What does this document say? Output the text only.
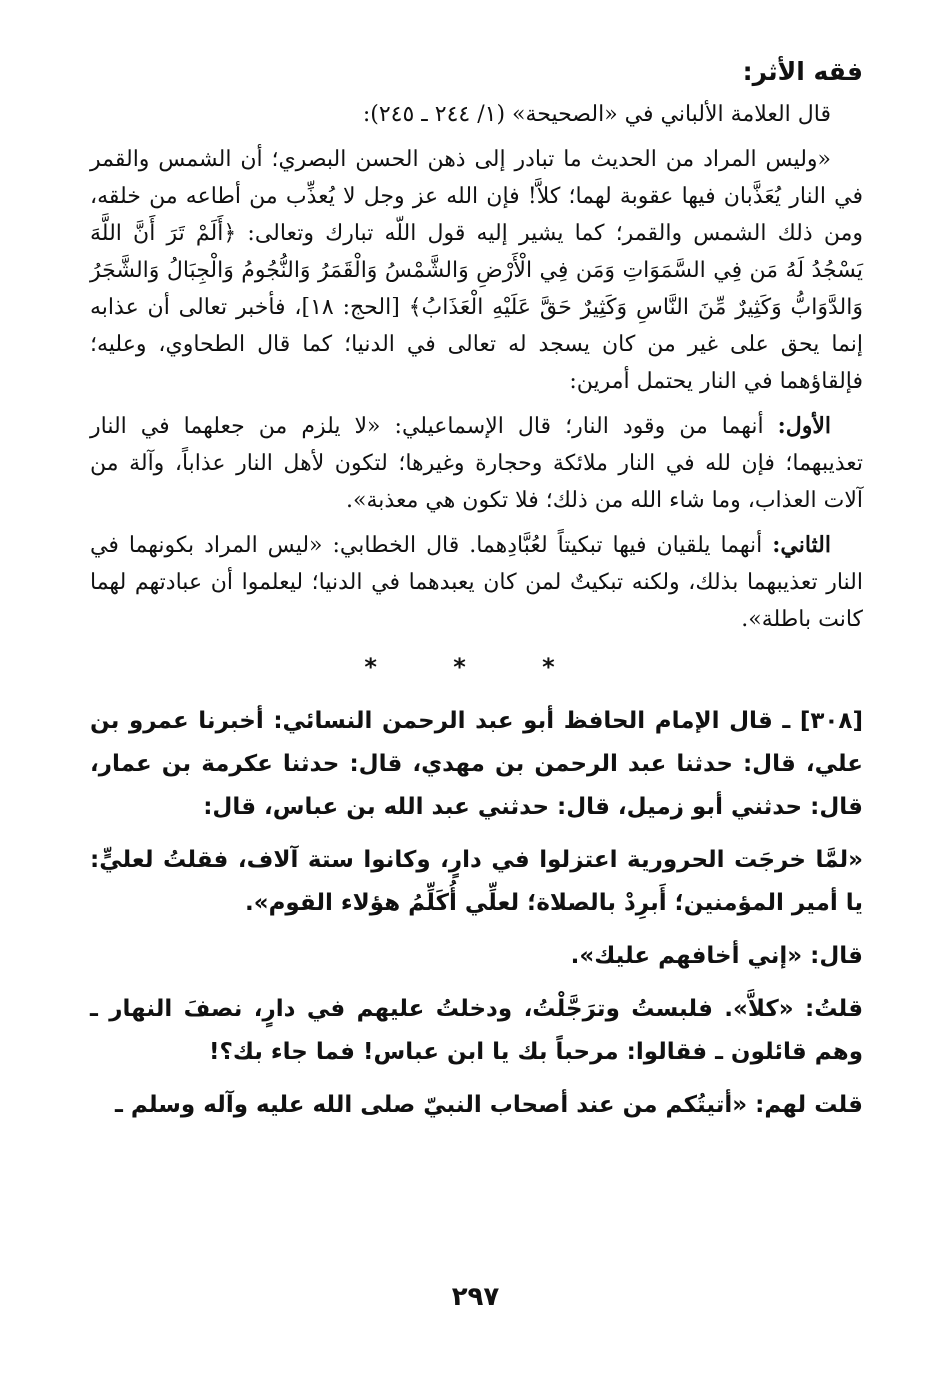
فقه الأثر:

قال العلامة الألباني في «الصحيحة» (١/ ٢٤٤ ـ ٢٤٥):

«وليس المراد من الحديث ما تبادر إلى ذهن الحسن البصري؛ أن الشمس والقمر في النار يُعَذَّبان فيها عقوبة لهما؛ كلاَّ! فإن الله عز وجل لا يُعذِّب من أطاعه من خلقه، ومن ذلك الشمس والقمر؛ كما يشير إليه قول اللّه تبارك وتعالى: ﴿أَلَمْ تَرَ أَنَّ اللَّهَ يَسْجُدُ لَهُ مَن فِي السَّمَوَاتِ وَمَن فِي الْأَرْضِ وَالشَّمْسُ وَالْقَمَرُ وَالنُّجُومُ وَالْجِبَالُ وَالشَّجَرُ وَالدَّوَابُّ وَكَثِيرٌ مِّنَ النَّاسِ وَكَثِيرٌ حَقَّ عَلَيْهِ الْعَذَابُ﴾ [الحج: ١٨]، فأخبر تعالى أن عذابه إنما يحق على غير من كان يسجد له تعالى في الدنيا؛ كما قال الطحاوي، وعليه؛ فإلقاؤهما في النار يحتمل أمرين:

الأول: أنهما من وقود النار؛ قال الإسماعيلي: «لا يلزم من جعلهما في النار تعذيبهما؛ فإن لله في النار ملائكة وحجارة وغيرها؛ لتكون لأهل النار عذاباً، وآلة من آلات العذاب، وما شاء الله من ذلك؛ فلا تكون هي معذبة».

الثاني: أنهما يلقيان فيها تبكيتاً لعُبَّادِهما. قال الخطابي: «ليس المراد بكونهما في النار تعذيبهما بذلك، ولكنه تبكيتٌ لمن كان يعبدهما في الدنيا؛ ليعلموا أن عبادتهم لهما كانت باطلة».

* * *

[٣٠٨] ـ قال الإمام الحافظ أبو عبد الرحمن النسائي: أخبرنا عمرو بن علي، قال: حدثنا عبد الرحمن بن مهدي، قال: حدثنا عكرمة بن عمار، قال: حدثني أبو زميل، قال: حدثني عبد الله بن عباس، قال:

«لمَّا خرجَت الحرورية اعتزلوا في دارٍ، وكانوا ستة آلاف، فقلتُ لعليٍّ: يا أمير المؤمنين؛ أَبرِدْ بالصلاة؛ لعلِّي أُكَلِّمُ هؤلاء القوم».

قال: «إني أخافهم عليك».

قلتُ: «كلاَّ». فلبستُ وترَجَّلْتُ، ودخلتُ عليهم في دارٍ، نصفَ النهار ـ وهم قائلون ـ فقالوا: مرحباً بك يا ابن عباس! فما جاء بك؟!

قلت لهم: «أتيتُكم من عند أصحاب النبيّ صلى الله عليه وآله وسلم ـ

٢٩٧
